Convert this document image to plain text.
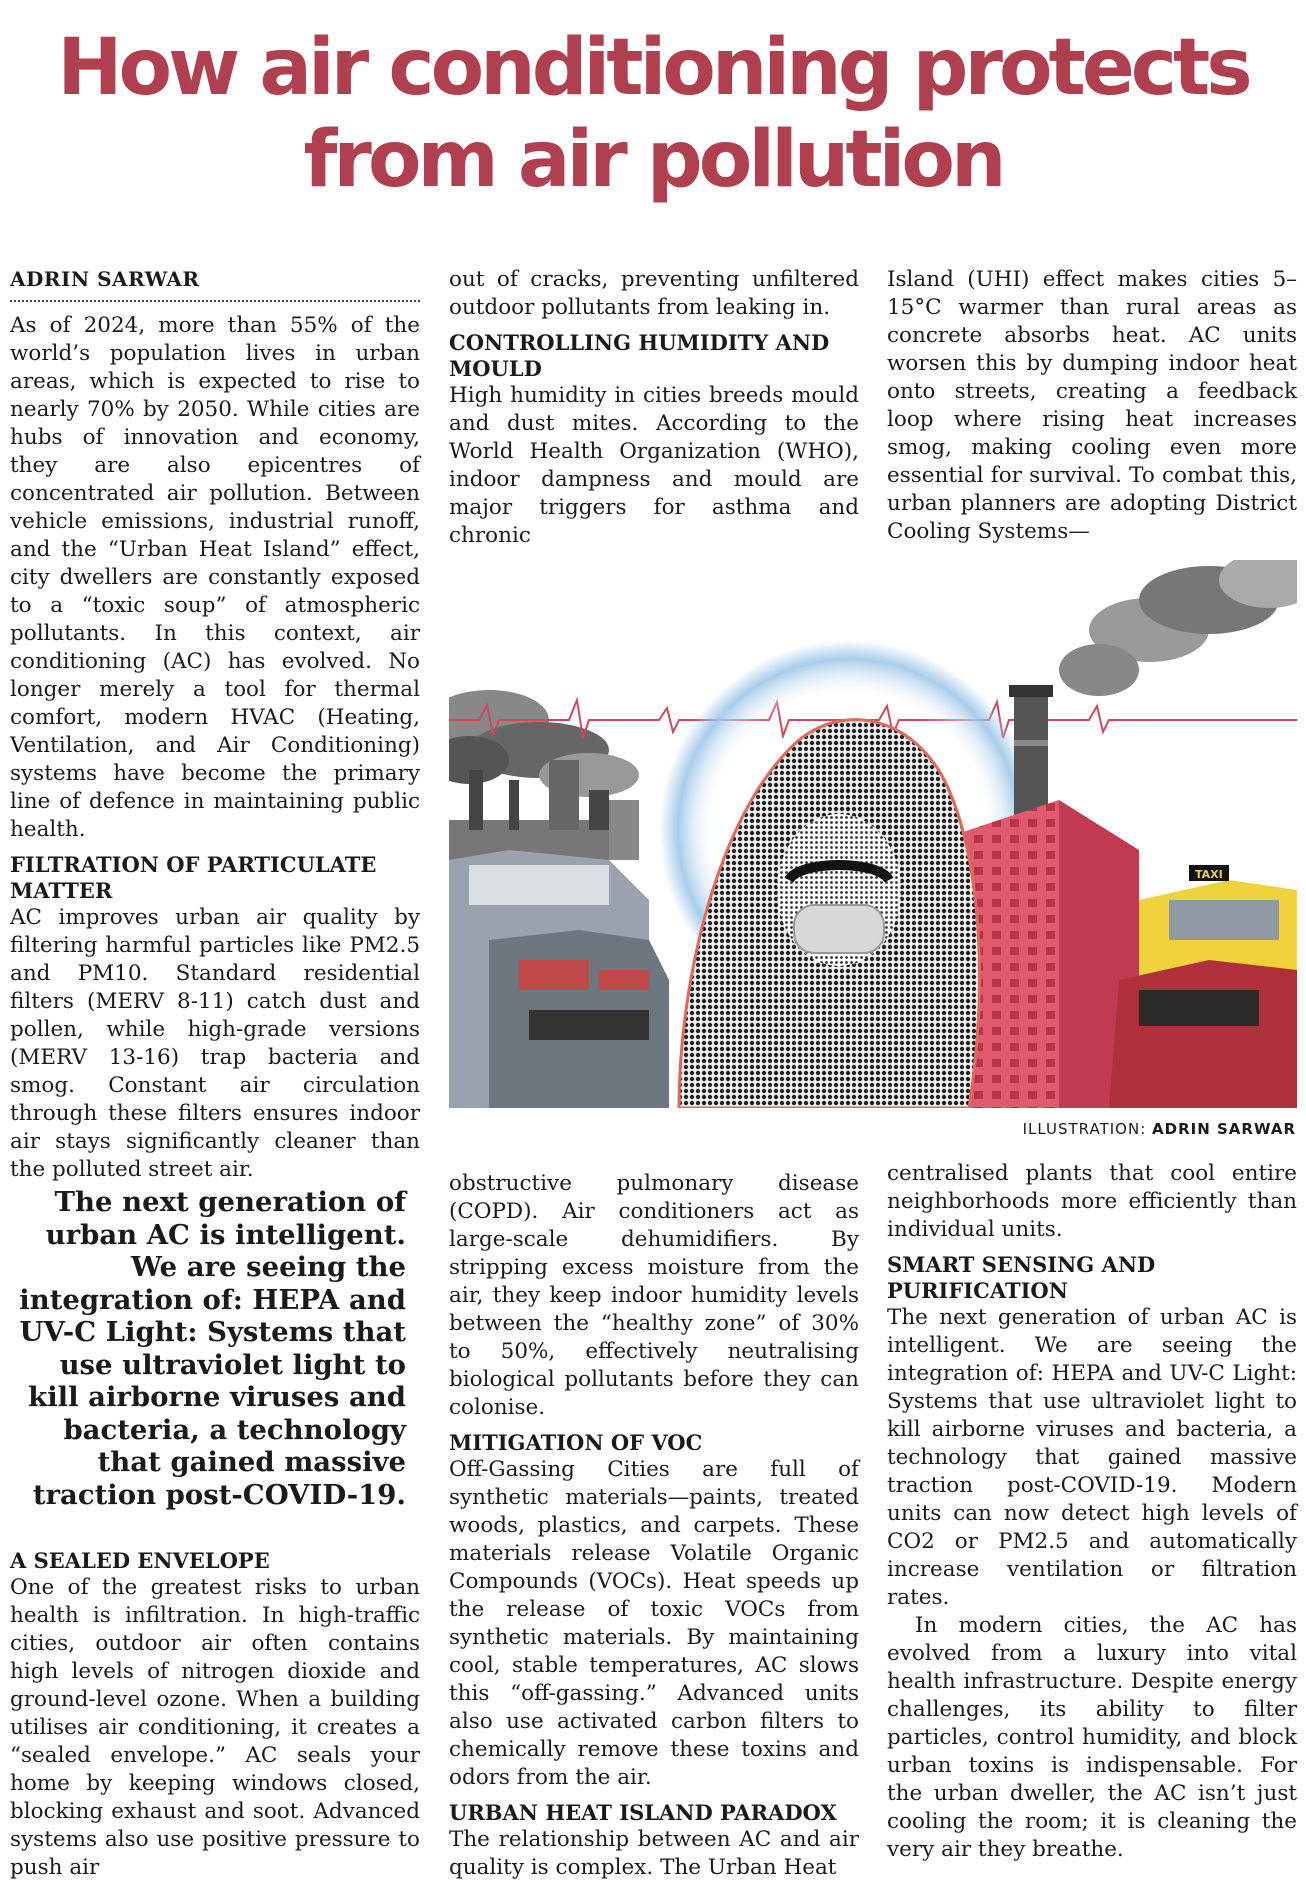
How air conditioning protects from air pollution
ADRIN SARWAR

As of 2024, more than 55% of the world’s population lives in urban areas, which is expected to rise to nearly 70% by 2050. While cities are hubs of innovation and economy, they are also epicentres of concentrated air pollution. Between vehicle emissions, industrial runoff, and the “Urban Heat Island” effect, city dwellers are constantly exposed to a “toxic soup” of atmospheric pollutants. In this context, air conditioning (AC) has evolved. No longer merely a tool for thermal comfort, modern HVAC (Heating, Ventilation, and Air Conditioning) systems have become the primary line of defence in maintaining public health.

FILTRATION OF PARTICULATE MATTER

AC improves urban air quality by filtering harmful particles like PM2.5 and PM10. Standard residential filters (MERV 8-11) catch dust and pollen, while high-grade versions (MERV 13-16) trap bacteria and smog. Constant air circulation through these filters ensures indoor air stays significantly cleaner than the polluted street air.

The next generation of urban AC is intelligent. We are seeing the integration of: HEPA and UV-C Light: Systems that use ultraviolet light to kill airborne viruses and bacteria, a technology that gained massive traction post-COVID-19.

A SEALED ENVELOPE

One of the greatest risks to urban health is infiltration. In high-traffic cities, outdoor air often contains high levels of nitrogen dioxide and ground-level ozone. When a building utilises air conditioning, it creates a “sealed envelope.” AC seals your home by keeping windows closed, blocking exhaust and soot. Advanced systems also use positive pressure to push air

out of cracks, preventing unfiltered outdoor pollutants from leaking in.

CONTROLLING HUMIDITY AND MOULD

High humidity in cities breeds mould and dust mites. According to the World Health Organization (WHO), indoor dampness and mould are major triggers for asthma and chronic

Island (UHI) effect makes cities 5–15°C warmer than rural areas as concrete absorbs heat. AC units worsen this by dumping indoor heat onto streets, creating a feedback loop where rising heat increases smog, making cooling even more essential for survival. To combat this, urban planners are adopting District Cooling Systems—

TAXI
ILLUSTRATION: ADRIN SARWAR

obstructive pulmonary disease (COPD). Air conditioners act as large-scale dehumidifiers. By stripping excess moisture from the air, they keep indoor humidity levels between the “healthy zone” of 30% to 50%, effectively neutralising biological pollutants before they can colonise.

MITIGATION OF VOC

Off-Gassing Cities are full of synthetic materials—paints, treated woods, plastics, and carpets. These materials release Volatile Organic Compounds (VOCs). Heat speeds up the release of toxic VOCs from synthetic materials. By maintaining cool, stable temperatures, AC slows this “off-gassing.” Advanced units also use activated carbon filters to chemically remove these toxins and odors from the air.

URBAN HEAT ISLAND PARADOX

The relationship between AC and air quality is complex. The Urban Heat

centralised plants that cool entire neighborhoods more efficiently than individual units.

SMART SENSING AND PURIFICATION

The next generation of urban AC is intelligent. We are seeing the integration of: HEPA and UV-C Light: Systems that use ultraviolet light to kill airborne viruses and bacteria, a technology that gained massive traction post-COVID-19. Modern units can now detect high levels of CO2 or PM2.5 and automatically increase ventilation or filtration rates.

In modern cities, the AC has evolved from a luxury into vital health infrastructure. Despite energy challenges, its ability to filter particles, control humidity, and block urban toxins is indispensable. For the urban dweller, the AC isn’t just cooling the room; it is cleaning the very air they breathe.
